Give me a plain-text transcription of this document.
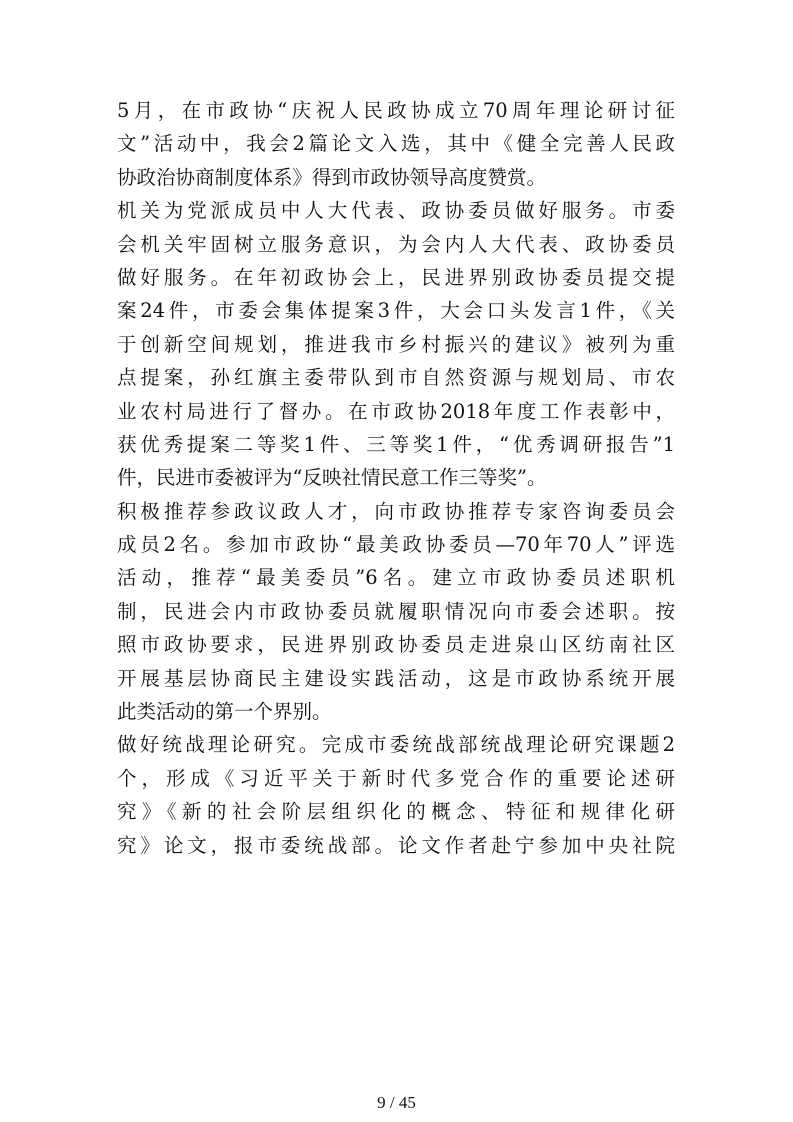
5月，在市政协“庆祝人民政协成立70周年理论研讨征
文”活动中，我会2篇论文入选，其中《健全完善人民政
协政治协商制度体系》得到市政协领导高度赞赏。
机关为党派成员中人大代表、政协委员做好服务。市委
会机关牢固树立服务意识，为会内人大代表、政协委员
做好服务。在年初政协会上，民进界别政协委员提交提
案24件，市委会集体提案3件，大会口头发言1件，《关
于创新空间规划，推进我市乡村振兴的建议》被列为重
点提案，孙红旗主委带队到市自然资源与规划局、市农
业农村局进行了督办。在市政协2018年度工作表彰中，
获优秀提案二等奖1件、三等奖1件，“优秀调研报告”1
件，民进市委被评为“反映社情民意工作三等奖”。
积极推荐参政议政人才，向市政协推荐专家咨询委员会
成员2名。参加市政协“最美政协委员—70年70人”评选
活动，推荐“最美委员”6名。建立市政协委员述职机
制，民进会内市政协委员就履职情况向市委会述职。按
照市政协要求，民进界别政协委员走进泉山区纺南社区
开展基层协商民主建设实践活动，这是市政协系统开展
此类活动的第一个界别。
做好统战理论研究。完成市委统战部统战理论研究课题2
个，形成《习近平关于新时代多党合作的重要论述研
究》《新的社会阶层组织化的概念、特征和规律化研
究》论文，报市委统战部。论文作者赴宁参加中央社院
9 / 45
